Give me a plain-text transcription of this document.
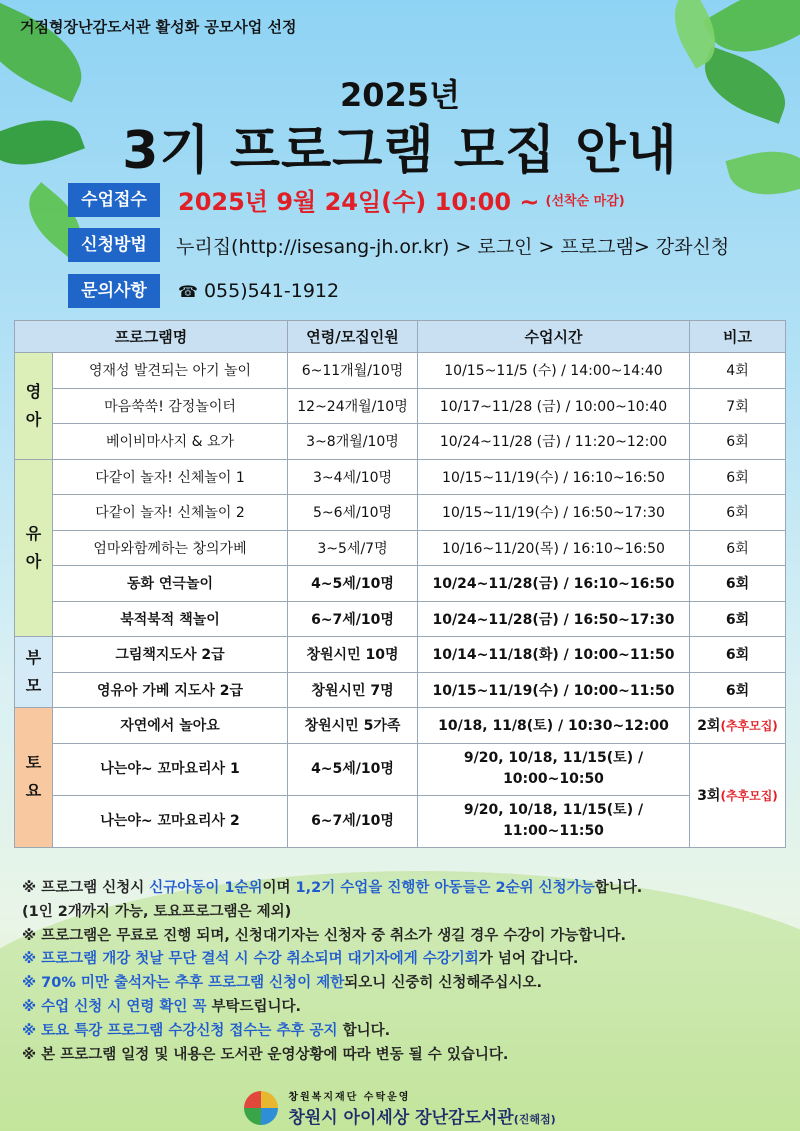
거점형장난감도서관 활성화 공모사업 선정
2025년
3기 프로그램 모집 안내
수업접수	2025년 9월 24일(수) 10:00 ~ (선착순 마감)
신청방법	누리집(http://isesang-jh.or.kr) > 로그인 > 프로그램> 강좌신청
문의사항	☎ 055)541-1912
프로그램명		연령/모집인원	수업시간	비고
영
아	영재성 발견되는 아기 놀이	6~11개월/10명	10/15~11/5 (수) / 14:00~14:40	4회
	마음쑥쑥! 감정놀이터	12~24개월/10명	10/17~11/28 (금) / 10:00~10:40	7회
	베이비마사지 & 요가	3~8개월/10명	10/24~11/28 (금) / 11:20~12:00	6회
유
아	다같이 놀자! 신체놀이 1	3~4세/10명	10/15~11/19(수) / 16:10~16:50	6회
	다같이 놀자! 신체놀이 2	5~6세/10명	10/15~11/19(수) / 16:50~17:30	6회
	엄마와함께하는 창의가베	3~5세/7명	10/16~11/20(목) / 16:10~16:50	6회
	동화 연극놀이	4~5세/10명	10/24~11/28(금) / 16:10~16:50	6회
	북적북적 책놀이	6~7세/10명	10/24~11/28(금) / 16:50~17:30	6회
부
모	그림책지도사 2급	창원시민 10명	10/14~11/18(화) / 10:00~11:50	6회
	영유아 가베 지도사 2급	창원시민 7명	10/15~11/19(수) / 10:00~11:50	6회
토
요	자연에서 놀아요	창원시민 5가족	10/18, 11/8(토) / 10:30~12:00	2회(추후모집)
	나는야~ 꼬마요리사 1	4~5세/10명	9/20, 10/18, 11/15(토) /
10:00~10:50	3회(추후모집)
	나는야~ 꼬마요리사 2	6~7세/10명	9/20, 10/18, 11/15(토) /
11:00~11:50	
※ 프로그램 신청시 신규아동이 1순위이며 1,2기 수업을 진행한 아동들은 2순위 신청가능합니다.
(1인 2개까지 가능, 토요프로그램은 제외)
※ 프로그램은 무료로 진행 되며, 신청대기자는 신청자 중 취소가 생길 경우 수강이 가능합니다.
※ 프로그램 개강 첫날 무단 결석 시 수강 취소되며 대기자에게 수강기회가 넘어 갑니다.
※ 70% 미만 출석자는 추후 프로그램 신청이 제한되오니 신중히 신청해주십시오.
※ 수업 신청 시 연령 확인 꼭 부탁드립니다.
※ 토요 특강 프로그램 수강신청 접수는 추후 공지 합니다.
※ 본 프로그램 일정 및 내용은 도서관 운영상황에 따라 변동 될 수 있습니다.
창원복지재단 수탁운영
창원시 아이세상 장난감도서관(진해점)
